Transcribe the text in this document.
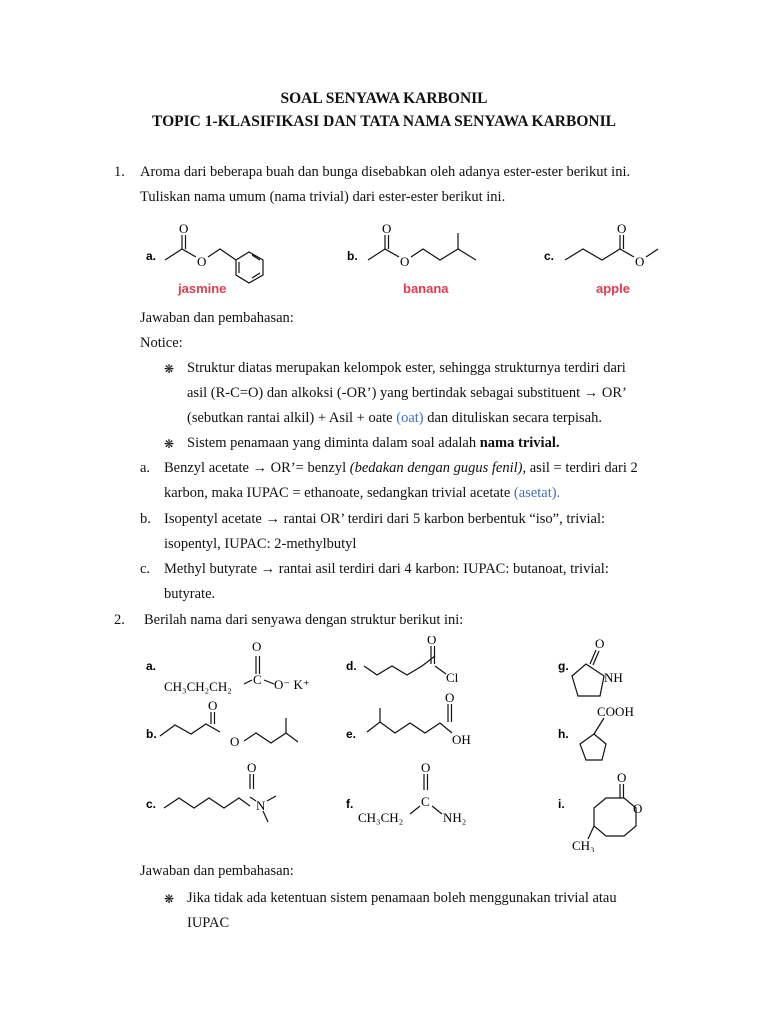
SOAL SENYAWA KARBONIL
TOPIC 1-KLASIFIKASI DAN TATA NAMA SENYAWA KARBONIL
1. Aroma dari beberapa buah dan bunga disebabkan oleh adanya ester-ester berikut ini.
Tuliskan nama umum (nama trivial) dari ester-ester berikut ini.
a.	b.	c.
O
O
O
O
O
O
jasmine	banana	apple
Jawaban dan pembahasan:
Notice:
❋ Struktur diatas merupakan kelompok ester, sehingga strukturnya terdiri dari
asil (R-C=O) dan alkoksi (-OR’) yang bertindak sebagai substituent → OR’
(sebutkan rantai alkil) + Asil + oate (oat) dan dituliskan secara terpisah.
❋ Sistem penamaan yang diminta dalam soal adalah nama trivial.
a. Benzyl acetate → OR’= benzyl (bedakan dengan gugus fenil), asil = terdiri dari 2
karbon, maka IUPAC = ethanoate, sedangkan trivial acetate (asetat).
b. Isopentyl acetate → rantai OR’ terdiri dari 5 karbon berbentuk “iso”, trivial:
isopentyl, IUPAC: 2-methylbutyl
c. Methyl butyrate → rantai asil terdiri dari 4 karbon: IUPAC: butanoat, trivial:
butyrate.
2. Berilah nama dari senyawa dengan struktur berikut ini:
a.	d.	g.
b.	e.	h.
c.	f.	i.
O
C
CH₃CH₂CH₂	O⁻ K⁺
O
Cl
O
NH
O
O
O
OH
COOH
O
N
O
C
CH₃CH₂	NH₂
O
O
CH₃
Jawaban dan pembahasan:
❋ Jika tidak ada ketentuan sistem penamaan boleh menggunakan trivial atau
IUPAC
